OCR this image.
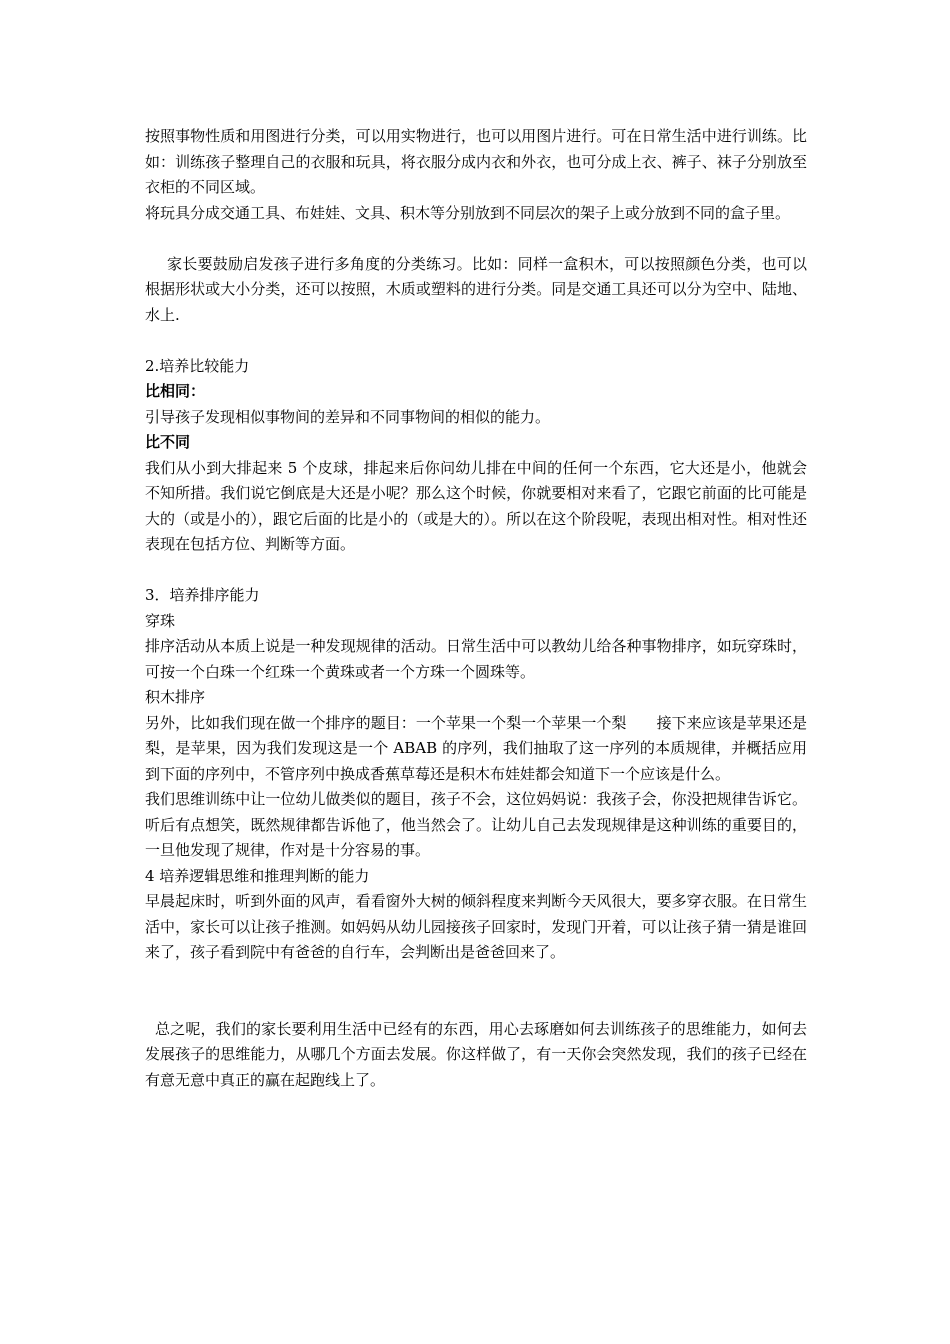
按照事物性质和用图进行分类，可以用实物进行，也可以用图片进行。可在日常生活中进行训练。比如：训练孩子整理自己的衣服和玩具，将衣服分成内衣和外衣，也可分成上衣、裤子、袜子分别放至衣柜的不同区域。

将玩具分成交通工具、布娃娃、文具、积木等分别放到不同层次的架子上或分放到不同的盒子里。

家长要鼓励启发孩子进行多角度的分类练习。比如：同样一盒积木，可以按照颜色分类，也可以根据形状或大小分类，还可以按照，木质或塑料的进行分类。同是交通工具还可以分为空中、陆地、水上.

2.培养比较能力

比相同：

引导孩子发现相似事物间的差异和不同事物间的相似的能力。

比不同

我们从小到大排起来 5 个皮球，排起来后你问幼儿排在中间的任何一个东西，它大还是小，他就会不知所措。我们说它倒底是大还是小呢？那么这个时候，你就要相对来看了，它跟它前面的比可能是大的（或是小的），跟它后面的比是小的（或是大的）。所以在这个阶段呢，表现出相对性。相对性还表现在包括方位、判断等方面。

3．培养排序能力

穿珠

排序活动从本质上说是一种发现规律的活动。日常生活中可以教幼儿给各种事物排序，如玩穿珠时，可按一个白珠一个红珠一个黄珠或者一个方珠一个圆珠等。

积木排序

另外，比如我们现在做一个排序的题目：一个苹果一个梨一个苹果一个梨　　接下来应该是苹果还是梨，是苹果，因为我们发现这是一个 ABAB 的序列，我们抽取了这一序列的本质规律，并概括应用到下面的序列中，不管序列中换成香蕉草莓还是积木布娃娃都会知道下一个应该是什么。

我们思维训练中让一位幼儿做类似的题目，孩子不会，这位妈妈说：我孩子会，你没把规律告诉它。听后有点想笑，既然规律都告诉他了，他当然会了。让幼儿自己去发现规律是这种训练的重要目的，一旦他发现了规律，作对是十分容易的事。

4 培养逻辑思维和推理判断的能力

早晨起床时，听到外面的风声，看看窗外大树的倾斜程度来判断今天风很大，要多穿衣服。在日常生活中，家长可以让孩子推测。如妈妈从幼儿园接孩子回家时，发现门开着，可以让孩子猜一猜是谁回来了，孩子看到院中有爸爸的自行车，会判断出是爸爸回来了。

总之呢，我们的家长要利用生活中已经有的东西，用心去琢磨如何去训练孩子的思维能力，如何去发展孩子的思维能力，从哪几个方面去发展。你这样做了，有一天你会突然发现，我们的孩子已经在有意无意中真正的赢在起跑线上了。
